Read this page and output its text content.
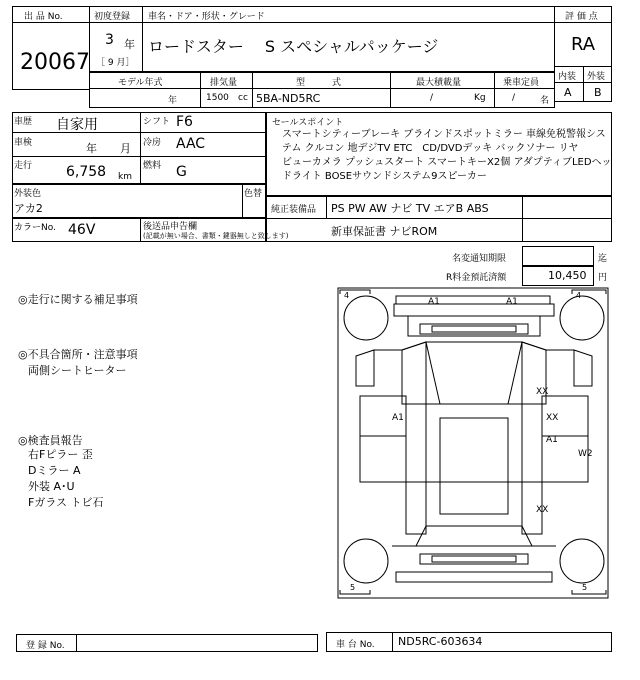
出 品 No.
20067
初度登録 車名・ドア・形状・グレード
3 年
［ 9 月］
ロードスター　 S スペシャルパッケージ
評 価 点
RA
内装 外装
A B
モデル年式
年
排気量
1500 cc
型　　　式
5BA-ND5RC
最大積載量
/	Kg
乗車定員
/	名
車歴 自家用	シフト F6
車検	年 月 冷房 AAC
走行 6,758 km
燃料 G
外装色
アカ2
色替
カラーNo. 46V	後送品申告欄
(記載が無い場合、書類・鍵器無しと致します)
セールスポイント
スマートシティーブレーキ ブラインドスポットミラー 車線免税警報シス
テム クルコン 地デジTV ETC　CD/DVDデッキ バックソナー リヤ
ビューカメラ プッシュスタート スマートキーX2個 アダプティブLEDヘッ
ドライト BOSEサウンドシステム9スピーカー
純正装備品 PS PW AW ナビ TV エアB ABS
新車保証書 ナビROM
名変通知期限	迄
R料金預託済額	10,450 円
◎走行に関する補足事項
◎不具合箇所・注意事項
両側シートヒーター
◎検査員報告
右Fピラー 歪
Dミラー A
外装 A･U
Fガラス トビ石
4	4
5	5
A1	A1
XX
A1	XX
A1
W2
XX
登 録 No.	車 台 No. ND5RC-603634
